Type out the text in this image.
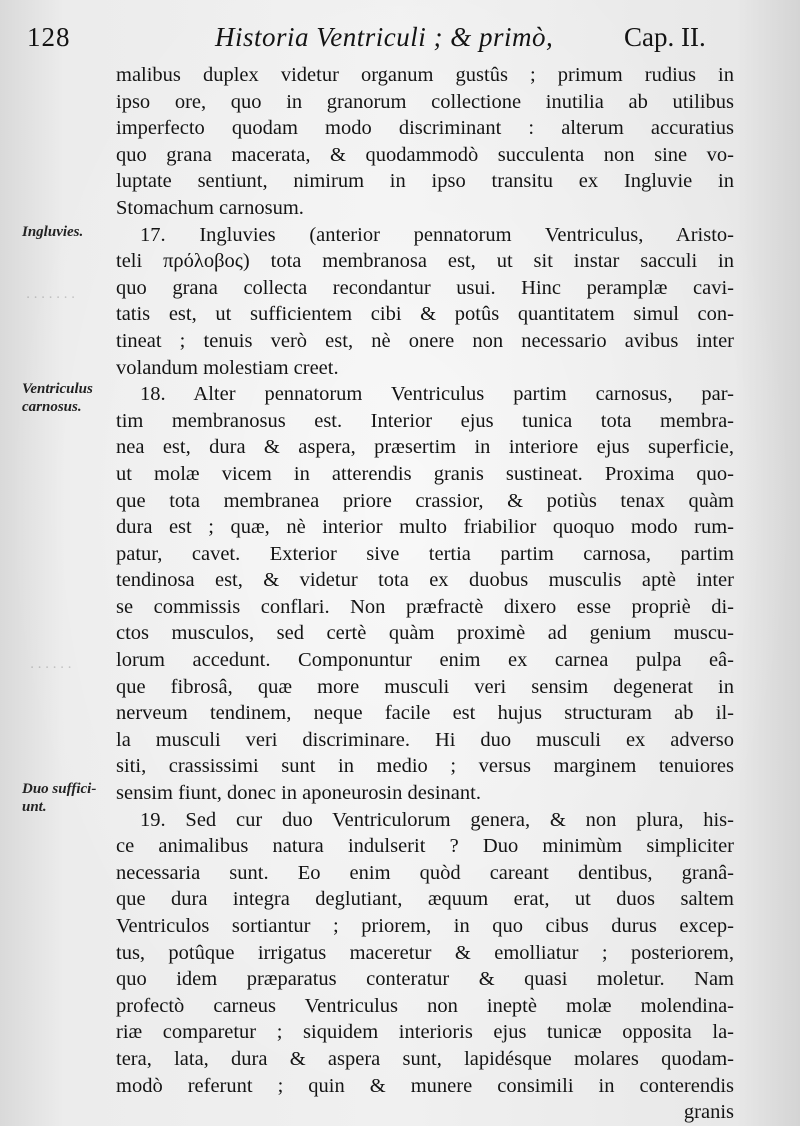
128	Historia Ventriculi ; & primò,	Cap. II.
Ingluvies.
Ventriculus carnosus.
Duo suffici- unt.
· · · · · · ·
· · · · · ·
malibus duplex videtur organum gustûs ; primum rudius in
ipso ore, quo in granorum collectione inutilia ab utilibus
imperfecto quodam modo discriminant : alterum accuratius
quo grana macerata, & quodammodò succulenta non sine vo-
luptate sentiunt, nimirum in ipso transitu ex Ingluvie in
Stomachum carnosum.
17. Ingluvies (anterior pennatorum Ventriculus, Aristo-
teli πρόλοβος) tota membranosa est, ut sit instar sacculi in
quo grana collecta recondantur usui. Hinc peramplæ cavi-
tatis est, ut sufficientem cibi & potûs quantitatem simul con-
tineat ; tenuis verò est, nè onere non necessario avibus inter
volandum molestiam creet.
18. Alter pennatorum Ventriculus partim carnosus, par-
tim membranosus est. Interior ejus tunica tota membra-
nea est, dura & aspera, præsertim in interiore ejus superficie,
ut molæ vicem in atterendis granis sustineat. Proxima quo-
que tota membranea priore crassior, & potiùs tenax quàm
dura est ; quæ, nè interior multo friabilior quoquo modo rum-
patur, cavet. Exterior sive tertia partim carnosa, partim
tendinosa est, & videtur tota ex duobus musculis aptè inter
se commissis conflari. Non præfractè dixero esse propriè di-
ctos musculos, sed certè quàm proximè ad genium muscu-
lorum accedunt. Componuntur enim ex carnea pulpa eâ-
que fibrosâ, quæ more musculi veri sensim degenerat in
nerveum tendinem, neque facile est hujus structuram ab il-
la musculi veri discriminare. Hi duo musculi ex adverso
siti, crassissimi sunt in medio ; versus marginem tenuiores
sensim fiunt, donec in aponeurosin desinant.
19. Sed cur duo Ventriculorum genera, & non plura, his-
ce animalibus natura indulserit ? Duo minimùm simpliciter
necessaria sunt. Eo enim quòd careant dentibus, granâ-
que dura integra deglutiant, æquum erat, ut duos saltem
Ventriculos sortiantur ; priorem, in quo cibus durus excep-
tus, potûque irrigatus maceretur & emolliatur ; posteriorem,
quo idem præparatus conteratur & quasi moletur. Nam
profectò carneus Ventriculus non ineptè molæ molendina-
riæ comparetur ; siquidem interioris ejus tunicæ opposita la-
tera, lata, dura & aspera sunt, lapidésque molares quodam-
modò referunt ; quin & munere consimili in conterendis
granis
